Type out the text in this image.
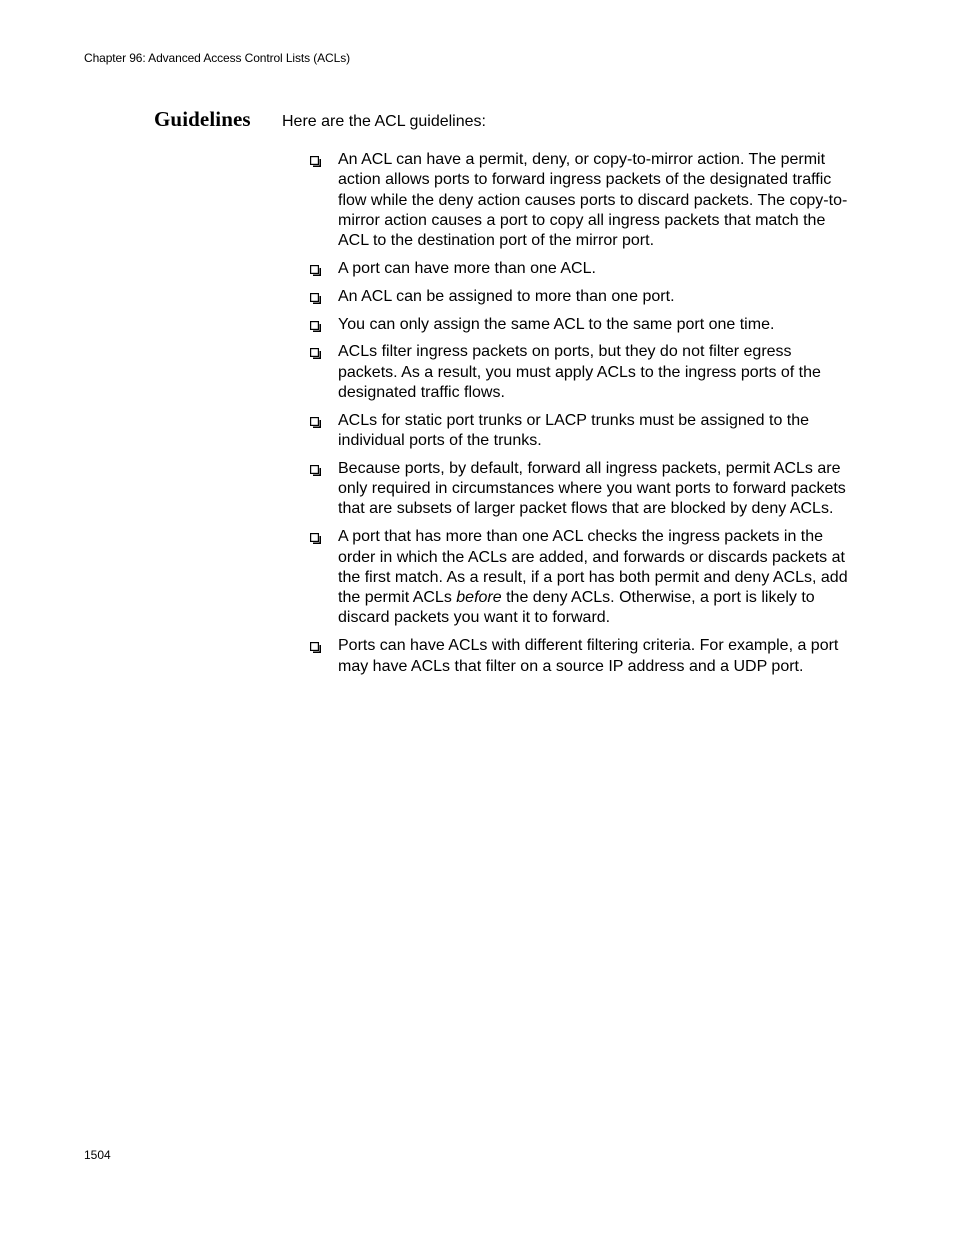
Chapter 96: Advanced Access Control Lists (ACLs)
Guidelines Here are the ACL guidelines:
An ACL can have a permit, deny, or copy-to-mirror action. The permit action allows ports to forward ingress packets of the designated traffic flow while the deny action causes ports to discard packets. The copy-to-mirror action causes a port to copy all ingress packets that match the ACL to the destination port of the mirror port.
A port can have more than one ACL.
An ACL can be assigned to more than one port.
You can only assign the same ACL to the same port one time.
ACLs filter ingress packets on ports, but they do not filter egress packets. As a result, you must apply ACLs to the ingress ports of the designated traffic flows.
ACLs for static port trunks or LACP trunks must be assigned to the individual ports of the trunks.
Because ports, by default, forward all ingress packets, permit ACLs are only required in circumstances where you want ports to forward packets that are subsets of larger packet flows that are blocked by deny ACLs.
A port that has more than one ACL checks the ingress packets in the order in which the ACLs are added, and forwards or discards packets at the first match. As a result, if a port has both permit and deny ACLs, add the permit ACLs before the deny ACLs. Otherwise, a port is likely to discard packets you want it to forward.
Ports can have ACLs with different filtering criteria. For example, a port may have ACLs that filter on a source IP address and a UDP port.
1504
